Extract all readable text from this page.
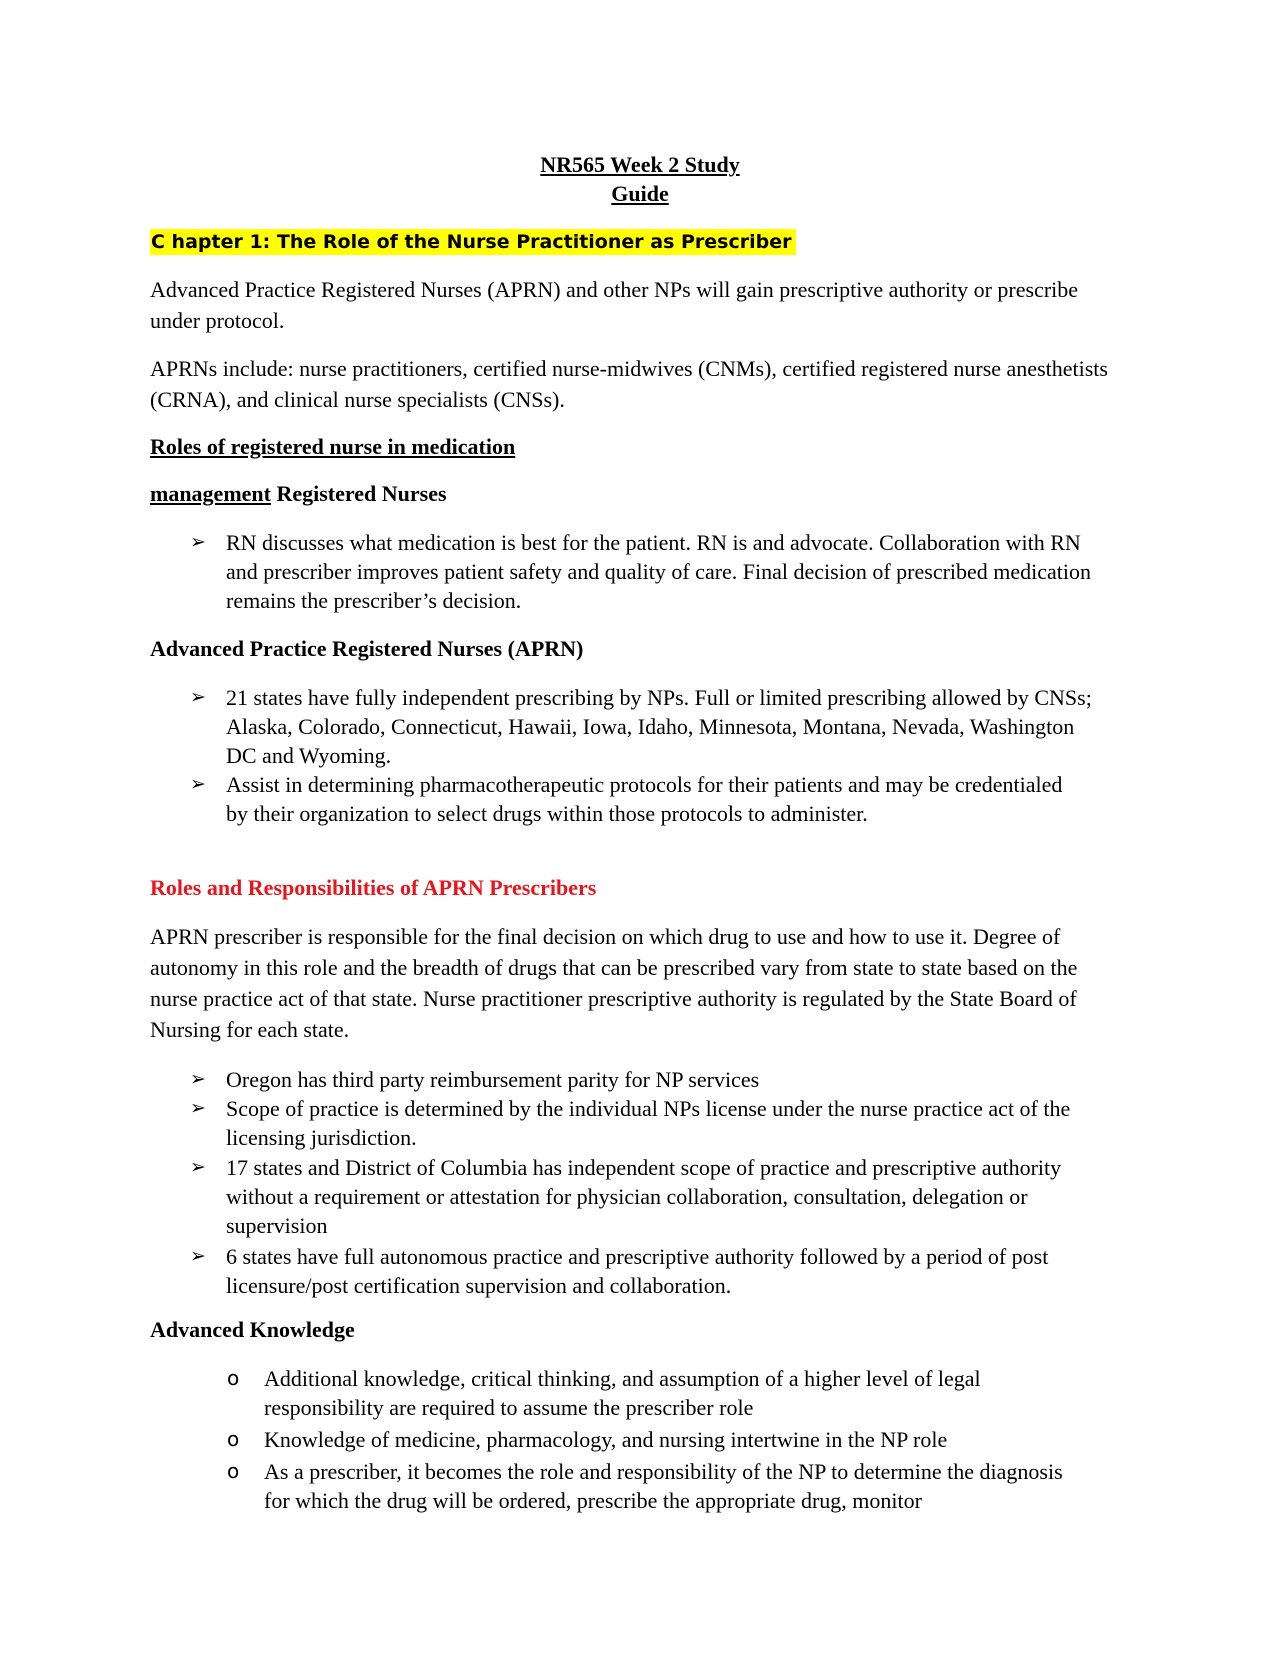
NR565 Week 2 Study
Guide
C hapter 1: The Role of the Nurse Practitioner as Prescriber
Advanced Practice Registered Nurses (APRN) and other NPs will gain prescriptive authority or prescribe under protocol.
APRNs include: nurse practitioners, certified nurse-midwives (CNMs), certified registered nurse anesthetists (CRNA), and clinical nurse specialists (CNSs).
Roles of registered nurse in medication
management Registered Nurses
➢ RN discusses what medication is best for the patient. RN is and advocate. Collaboration with RN and prescriber improves patient safety and quality of care. Final decision of prescribed medication remains the prescriber’s decision.
Advanced Practice Registered Nurses (APRN)
➢ 21 states have fully independent prescribing by NPs. Full or limited prescribing allowed by CNSs; Alaska, Colorado, Connecticut, Hawaii, Iowa, Idaho, Minnesota, Montana, Nevada, Washington DC and Wyoming.
➢ Assist in determining pharmacotherapeutic protocols for their patients and may be credentialed by their organization to select drugs within those protocols to administer.
Roles and Responsibilities of APRN Prescribers
APRN prescriber is responsible for the final decision on which drug to use and how to use it. Degree of autonomy in this role and the breadth of drugs that can be prescribed vary from state to state based on the nurse practice act of that state. Nurse practitioner prescriptive authority is regulated by the State Board of Nursing for each state.
➢ Oregon has third party reimbursement parity for NP services
➢ Scope of practice is determined by the individual NPs license under the nurse practice act of the licensing jurisdiction.
➢ 17 states and District of Columbia has independent scope of practice and prescriptive authority without a requirement or attestation for physician collaboration, consultation, delegation or supervision
➢ 6 states have full autonomous practice and prescriptive authority followed by a period of post licensure/post certification supervision and collaboration.
Advanced Knowledge
o Additional knowledge, critical thinking, and assumption of a higher level of legal responsibility are required to assume the prescriber role
o Knowledge of medicine, pharmacology, and nursing intertwine in the NP role
o As a prescriber, it becomes the role and responsibility of the NP to determine the diagnosis for which the drug will be ordered, prescribe the appropriate drug, monitor
